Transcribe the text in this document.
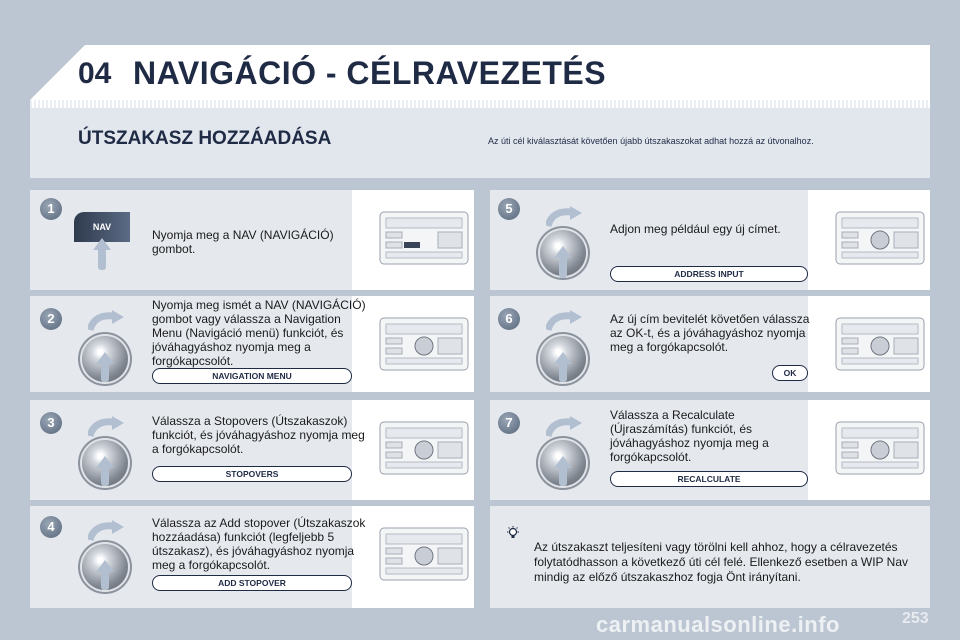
04 NAVIGÁCIÓ - CÉLRAVEZETÉS
ÚTSZAKASZ HOZZÁADÁSA	Az úti cél kiválasztását követően újabb útszakaszokat adhat hozzá az útvonalhoz.
1
NAV
Nyomja meg a NAV (NAVIGÁCIÓ) gombot.
2
Nyomja meg ismét a NAV (NAVIGÁCIÓ) gombot vagy válassza a Navigation Menu (Navigáció menü) funkciót, és jóváhagyáshoz nyomja meg a forgókapcsolót.
NAVIGATION MENU
3	Válassza a Stopovers (Útszakaszok) funkciót, és jóváhagyáshoz nyomja meg a forgókapcsolót.
STOPOVERS
4	Válassza az Add stopover (Útszakaszok hozzáadása) funkciót (legfeljebb 5 útszakasz), és jóváhagyáshoz nyomja meg a forgókapcsolót.
ADD STOPOVER
5
Adjon meg például egy új címet.
ADDRESS INPUT
6	Az új cím bevitelét követően válassza az OK-t, és a jóváhagyáshoz nyomja meg a forgókapcsolót.
OK
7	Válassza a Recalculate (Újraszámítás) funkciót, és jóváhagyáshoz nyomja meg a forgókapcsolót.
RECALCULATE
Az útszakaszt teljesíteni vagy törölni kell ahhoz, hogy a célravezetés folytatódhasson a következő úti cél felé. Ellenkező esetben a WIP Nav mindig az előző útszakaszhoz fogja Önt irányítani.
carmanualsonline.info	253
